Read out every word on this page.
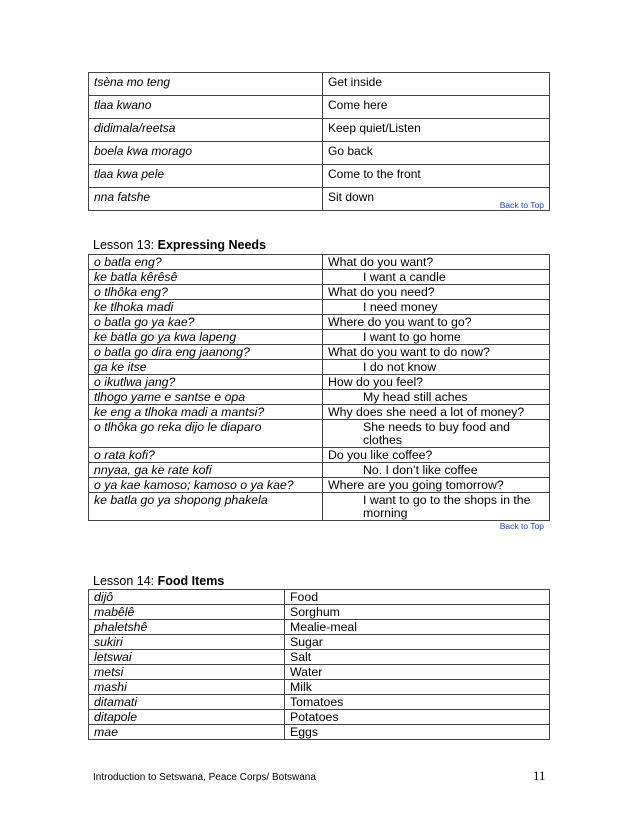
tsèna mo teng	Get inside
tlaa kwano	Come here
didimala/reetsa	Keep quiet/Listen
boela kwa morago	Go back
tlaa kwa pele	Come to the front
nna fatshe	Sit down
Back to Top
Lesson 13: Expressing Needs
o batla eng?	What do you want?
ke batla kêrêsê	I want a candle
o tlhôka eng?	What do you need?
ke tlhoka madi	I need money
o batla go ya kae?	Where do you want to go?
ke batla go ya kwa lapeng	I want to go home
o batla go dira eng jaanong?	What do you want to do now?
ga ke itse	I do not know
o ikutlwa jang?	How do you feel?
tlhogo yame e santse e opa	My head still aches
ke eng a tlhoka madi a mantsi?	Why does she need a lot of money?
o tlhôka go reka dijo le diaparo	She needs to buy food and clothes
o rata kofi?	Do you like coffee?
nnyaa, ga ke rate kofi	No. I don’t like coffee
o ya kae kamoso; kamoso o ya kae?	Where are you going tomorrow?
ke batla go ya shopong phakela	I want to go to the shops in the morning
Back to Top
Lesson 14: Food Items
dijô	Food
mabêlê	Sorghum
phaletshê	Mealie-meal
sukiri	Sugar
letswai	Salt
metsi	Water
mashi	Milk
ditamati	Tomatoes
ditapole	Potatoes
mae	Eggs
Introduction to Setswana, Peace Corps/ Botswana	11
